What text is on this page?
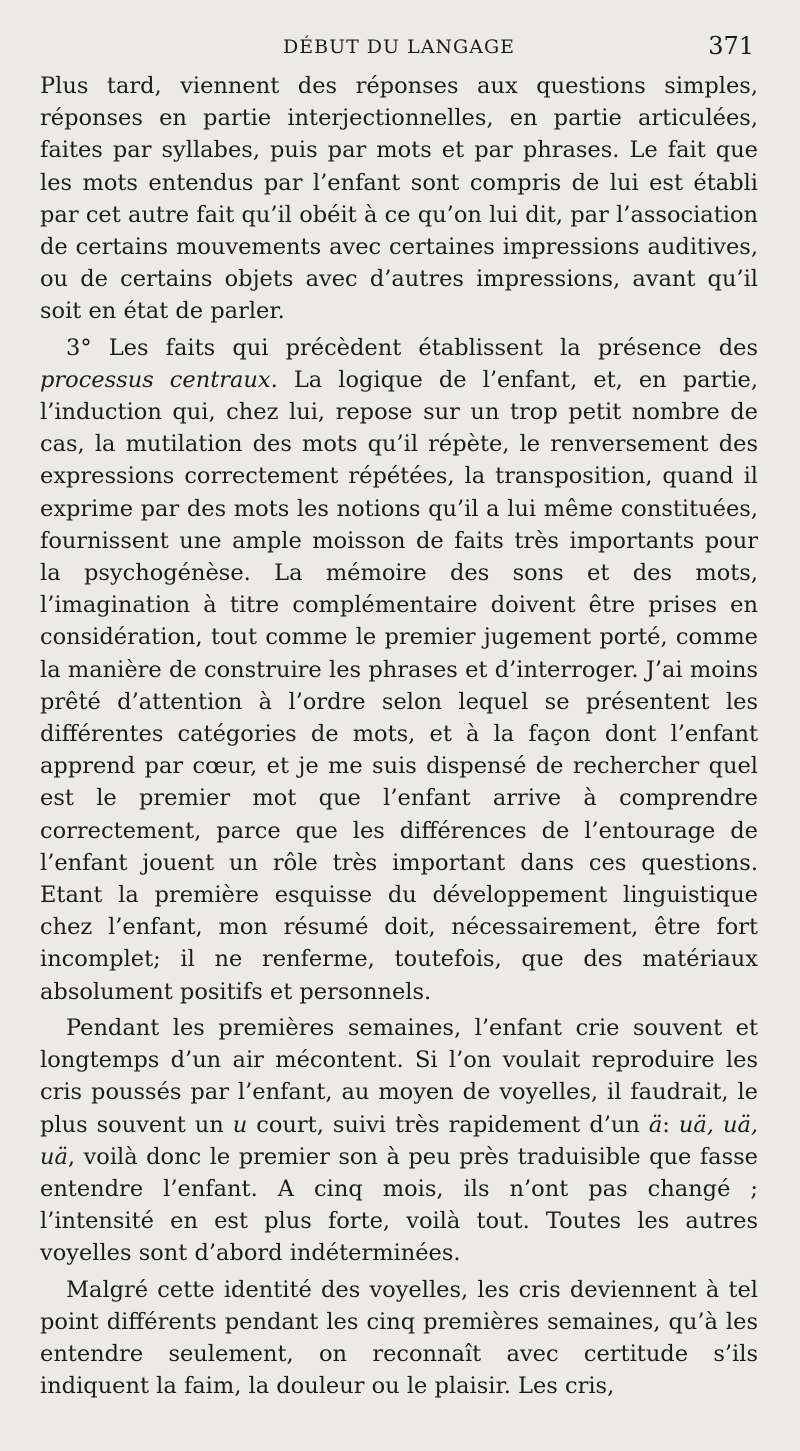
DÉBUT DU LANGAGE	371

Plus tard, viennent des réponses aux questions simples, réponses en partie interjectionnelles, en partie articulées, faites par syllabes, puis par mots et par phrases. Le fait que les mots entendus par l’enfant sont compris de lui est établi par cet autre fait qu’il obéit à ce qu’on lui dit, par l’association de certains mouvements avec certaines impressions auditives, ou de certains objets avec d’autres impressions, avant qu’il soit en état de parler.

3° Les faits qui précèdent établissent la présence des processus centraux. La logique de l’enfant, et, en partie, l’induction qui, chez lui, repose sur un trop petit nombre de cas, la mutilation des mots qu’il répète, le renversement des expressions correctement répétées, la transposition, quand il exprime par des mots les notions qu’il a lui même constituées, fournissent une ample moisson de faits très importants pour la psychogénèse. La mémoire des sons et des mots, l’imagination à titre complémentaire doivent être prises en considération, tout comme le premier jugement porté, comme la manière de construire les phrases et d’interroger. J’ai moins prêté d’attention à l’ordre selon lequel se présentent les différentes catégories de mots, et à la façon dont l’enfant apprend par cœur, et je me suis dispensé de rechercher quel est le premier mot que l’enfant arrive à comprendre correctement, parce que les différences de l’entourage de l’enfant jouent un rôle très important dans ces questions. Etant la première esquisse du développement linguistique chez l’enfant, mon résumé doit, nécessairement, être fort incomplet; il ne renferme, toutefois, que des matériaux absolument positifs et personnels.

Pendant les premières semaines, l’enfant crie souvent et longtemps d’un air mécontent. Si l’on voulait reproduire les cris poussés par l’enfant, au moyen de voyelles, il faudrait, le plus souvent un u court, suivi très rapidement d’un ä: uä, uä, uä, voilà donc le premier son à peu près traduisible que fasse entendre l’enfant. A cinq mois, ils n’ont pas changé ; l’intensité en est plus forte, voilà tout. Toutes les autres voyelles sont d’abord indéterminées.

Malgré cette identité des voyelles, les cris deviennent à tel point différents pendant les cinq premières semaines, qu’à les entendre seulement, on reconnaît avec certitude s’ils indiquent la faim, la douleur ou le plaisir. Les cris,
